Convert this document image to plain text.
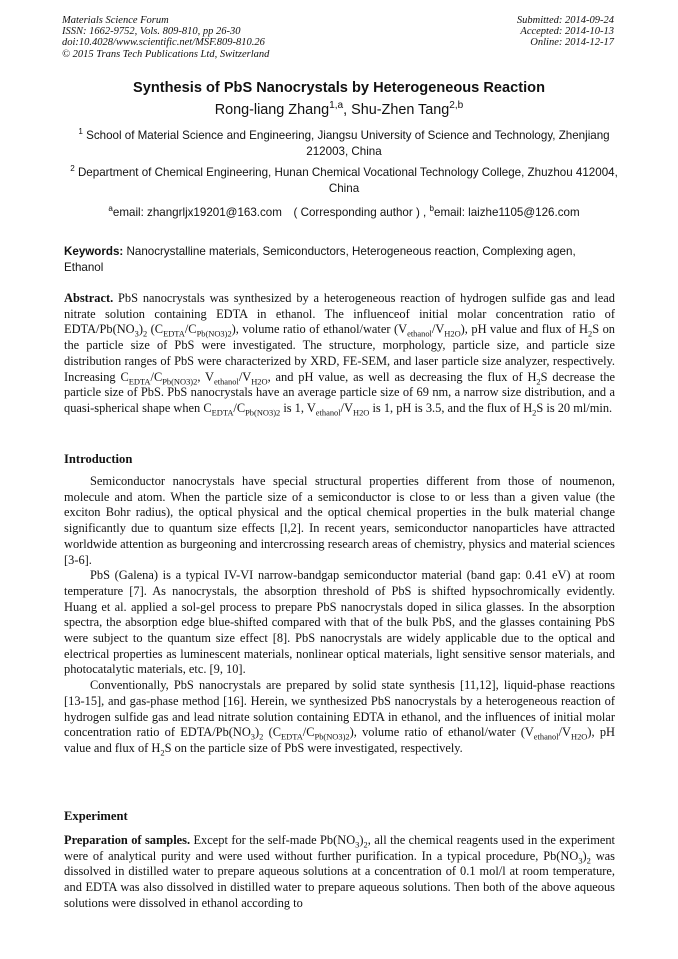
Materials Science Forum
ISSN: 1662-9752, Vols. 809-810, pp 26-30
doi:10.4028/www.scientific.net/MSF.809-810.26
© 2015 Trans Tech Publications Ltd, Switzerland
Submitted: 2014-09-24
Accepted: 2014-10-13
Online: 2014-12-17
Synthesis of PbS Nanocrystals by Heterogeneous Reaction
Rong-liang Zhang$^{1,a}$, Shu-Zhen Tang$^{2,b}$
$^1$ School of Material Science and Engineering, Jiangsu University of Science and Technology, Zhenjiang 212003, China
$^2$ Department of Chemical Engineering, Hunan Chemical Vocational Technology College, Zhuzhou 412004, China
$^a$email: zhangrljx19201@163.com　( Corresponding author ) , $^b$email: laizhe1105@126.com
Keywords: Nanocrystalline materials, Semiconductors, Heterogeneous reaction, Complexing agen, Ethanol

Abstract. PbS nanocrystals was synthesized by a heterogeneous reaction of hydrogen sulfide gas and lead nitrate solution containing EDTA in ethanol. The influenceof initial molar concentration ratio of EDTA/$Pb(NO_3)_2$ $(C_{EDTA}/C_{Pb(NO3)2})$, volume ratio of ethanol/water $(V_{ethanol}/V_{H2O})$, pH value and flux of $H_2S$ on the particle size of PbS were investigated. The structure, morphology, particle size, and particle size distribution ranges of PbS were characterized by XRD, FE-SEM, and laser particle size analyzer, respectively. Increasing $C_{EDTA}/C_{Pb(NO3)2}$, $V_{ethanol}/V_{H2O}$, and pH value, as well as decreasing the flux of $H_2S$ decrease the particle size of PbS. PbS nanocrystals have an average particle size of 69 nm, a narrow size distribution, and a quasi-spherical shape when $C_{EDTA}/C_{Pb(NO3)2}$ is 1, $V_{ethanol}/V_{H2O}$ is 1, pH is 3.5, and the flux of $H_2S$ is 20 ml/min.

Introduction

Semiconductor nanocrystals have special structural properties different from those of noumenon, molecule and atom. When the particle size of a semiconductor is close to or less than a given value (the exciton Bohr radius), the optical physical and the optical chemical properties in the bulk material change significantly due to quantum size effects [l,2]. In recent years, semiconductor nanoparticles have attracted worldwide attention as burgeoning and intercrossing research areas of chemistry, physics and material sciences [3-6].

PbS (Galena) is a typical IV-VI narrow-bandgap semiconductor material (band gap: 0.41 eV) at room temperature [7]. As nanocrystals, the absorption threshold of PbS is shifted hypsochromically evidently. Huang et al. applied a sol-gel process to prepare PbS nanocrystals doped in silica glasses. In the absorption spectra, the absorption edge blue-shifted compared with that of the bulk PbS, and the glasses containing PbS were subject to the quantum size effect [8]. PbS nanocrystals are widely applicable due to the optical and electrical properties as luminescent materials, nonlinear optical materials, light sensitive sensor materials, and photocatalytic materials, etc. [9, 10].

Conventionally, PbS nanocrystals are prepared by solid state synthesis [11,12], liquid-phase reactions [13-15], and gas-phase method [16]. Herein, we synthesized PbS nanocrystals by a heterogeneous reaction of hydrogen sulfide gas and lead nitrate solution containing EDTA in ethanol, and the influences of initial molar concentration ratio of EDTA/$Pb(NO_3)_2$ $(C_{EDTA}/C_{Pb(NO3)2})$, volume ratio of ethanol/water $(V_{ethanol}/V_{H2O})$, pH value and flux of $H_2S$ on the particle size of PbS were investigated, respectively.

Experiment

Preparation of samples. Except for the self-made $Pb(NO_3)_2$, all the chemical reagents used in the experiment were of analytical purity and were used without further purification. In a typical procedure, $Pb(NO_3)_2$ was dissolved in distilled water to prepare aqueous solutions at a concentration of 0.1 mol/l at room temperature, and EDTA was also dissolved in distilled water to prepare aqueous solutions. Then both of the above aqueous solutions were dissolved in ethanol according to
